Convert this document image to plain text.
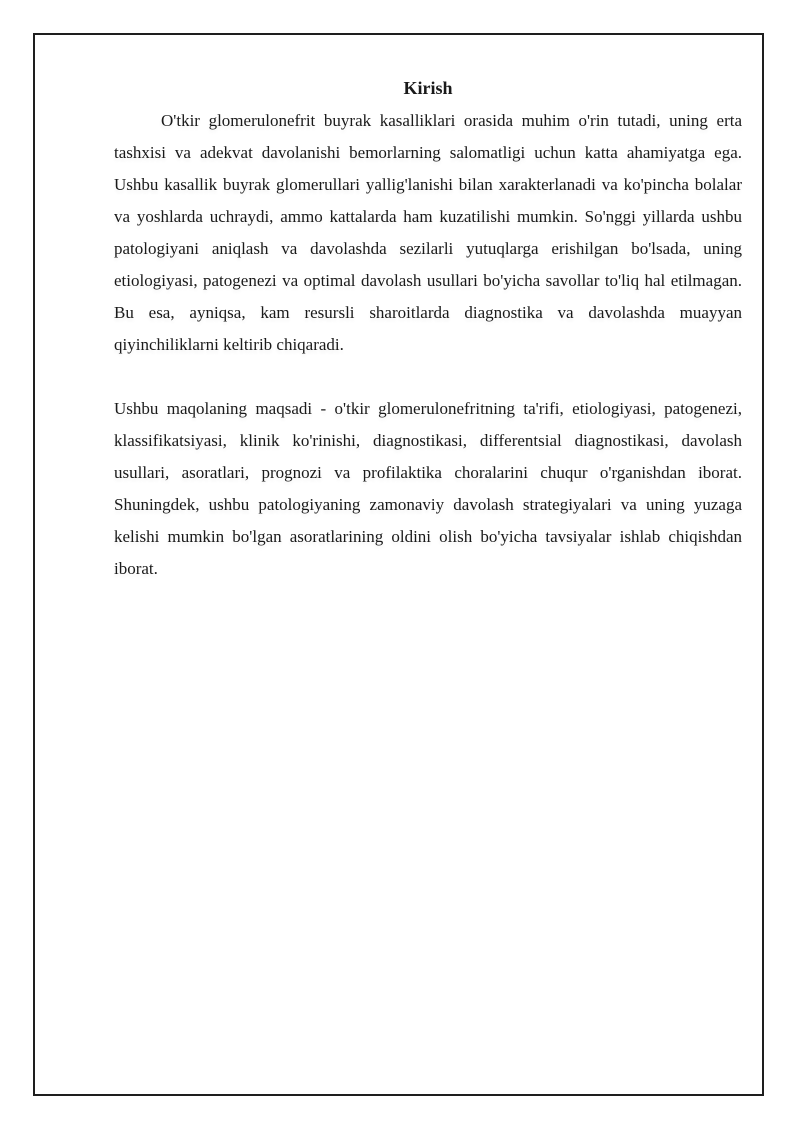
Kirish

O'tkir glomerulonefrit buyrak kasalliklari orasida muhim o'rin tutadi, uning erta tashxisi va adekvat davolanishi bemorlarning salomatligi uchun katta ahamiyatga ega. Ushbu kasallik buyrak glomerullari yallig'lanishi bilan xarakterlanadi va ko'pincha bolalar va yoshlarda uchraydi, ammo kattalarda ham kuzatilishi mumkin. So'nggi yillarda ushbu patologiyani aniqlash va davolashda sezilarli yutuqlarga erishilgan bo'lsada, uning etiologiyasi, patogenezi va optimal davolash usullari bo'yicha savollar to'liq hal etilmagan. Bu esa, ayniqsa, kam resursli sharoitlarda diagnostika va davolashda muayyan qiyinchiliklarni keltirib chiqaradi.

Ushbu maqolaning maqsadi - o'tkir glomerulonefritning ta'rifi, etiologiyasi, patogenezi, klassifikatsiyasi, klinik ko'rinishi, diagnostikasi, differentsial diagnostikasi, davolash usullari, asoratlari, prognozi va profilaktika choralarini chuqur o'rganishdan iborat. Shuningdek, ushbu patologiyaning zamonaviy davolash strategiyalari va uning yuzaga kelishi mumkin bo'lgan asoratlarining oldini olish bo'yicha tavsiyalar ishlab chiqishdan iborat.
